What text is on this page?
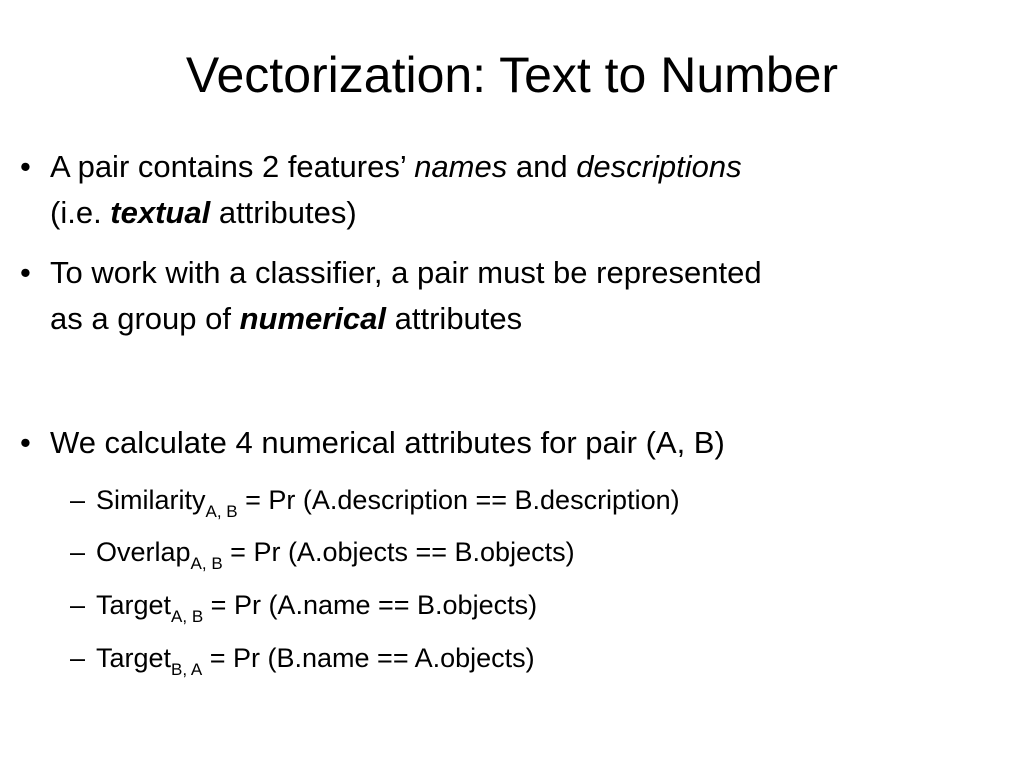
Vectorization: Text to Number
• A pair contains 2 features’ names and descriptions
(i.e. textual attributes)
• To work with a classifier, a pair must be represented
as a group of numerical attributes
• We calculate 4 numerical attributes for pair (A, B)
– Similarity$_{A, B}$ = Pr (A.description == B.description)
– Overlap$_{A, B}$ = Pr (A.objects == B.objects)
– Target$_{A, B}$ = Pr (A.name == B.objects)
– Target$_{B, A}$ = Pr (B.name == A.objects)
